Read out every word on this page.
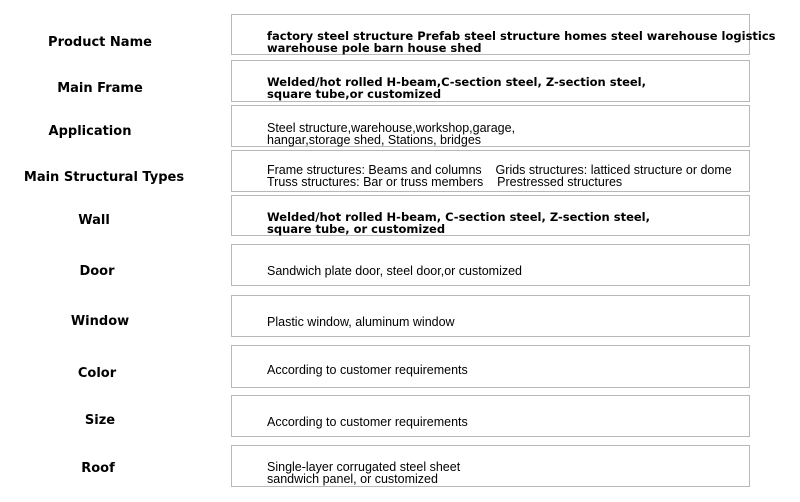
Product Name	factory steel structure Prefab steel structure homes steel warehouse logistics
warehouse pole barn house shed
Main Frame	Welded/hot rolled H-beam,C-section steel, Z-section steel,
square tube,or customized
Application	Steel structure,warehouse,workshop,garage,
hangar,storage shed, Stations, bridges
Main Structural Types	Frame structures: Beams and columns    Grids structures: latticed structure or dome
Truss structures: Bar or truss members    Prestressed structures
Wall	Welded/hot rolled H-beam, C-section steel, Z-section steel,
square tube, or customized
Door	Sandwich plate door, steel door,or customized
Window	Plastic window, aluminum window
Color	According to customer requirements
Size	According to customer requirements
Roof	Single-layer corrugated steel sheet
sandwich panel, or customized
